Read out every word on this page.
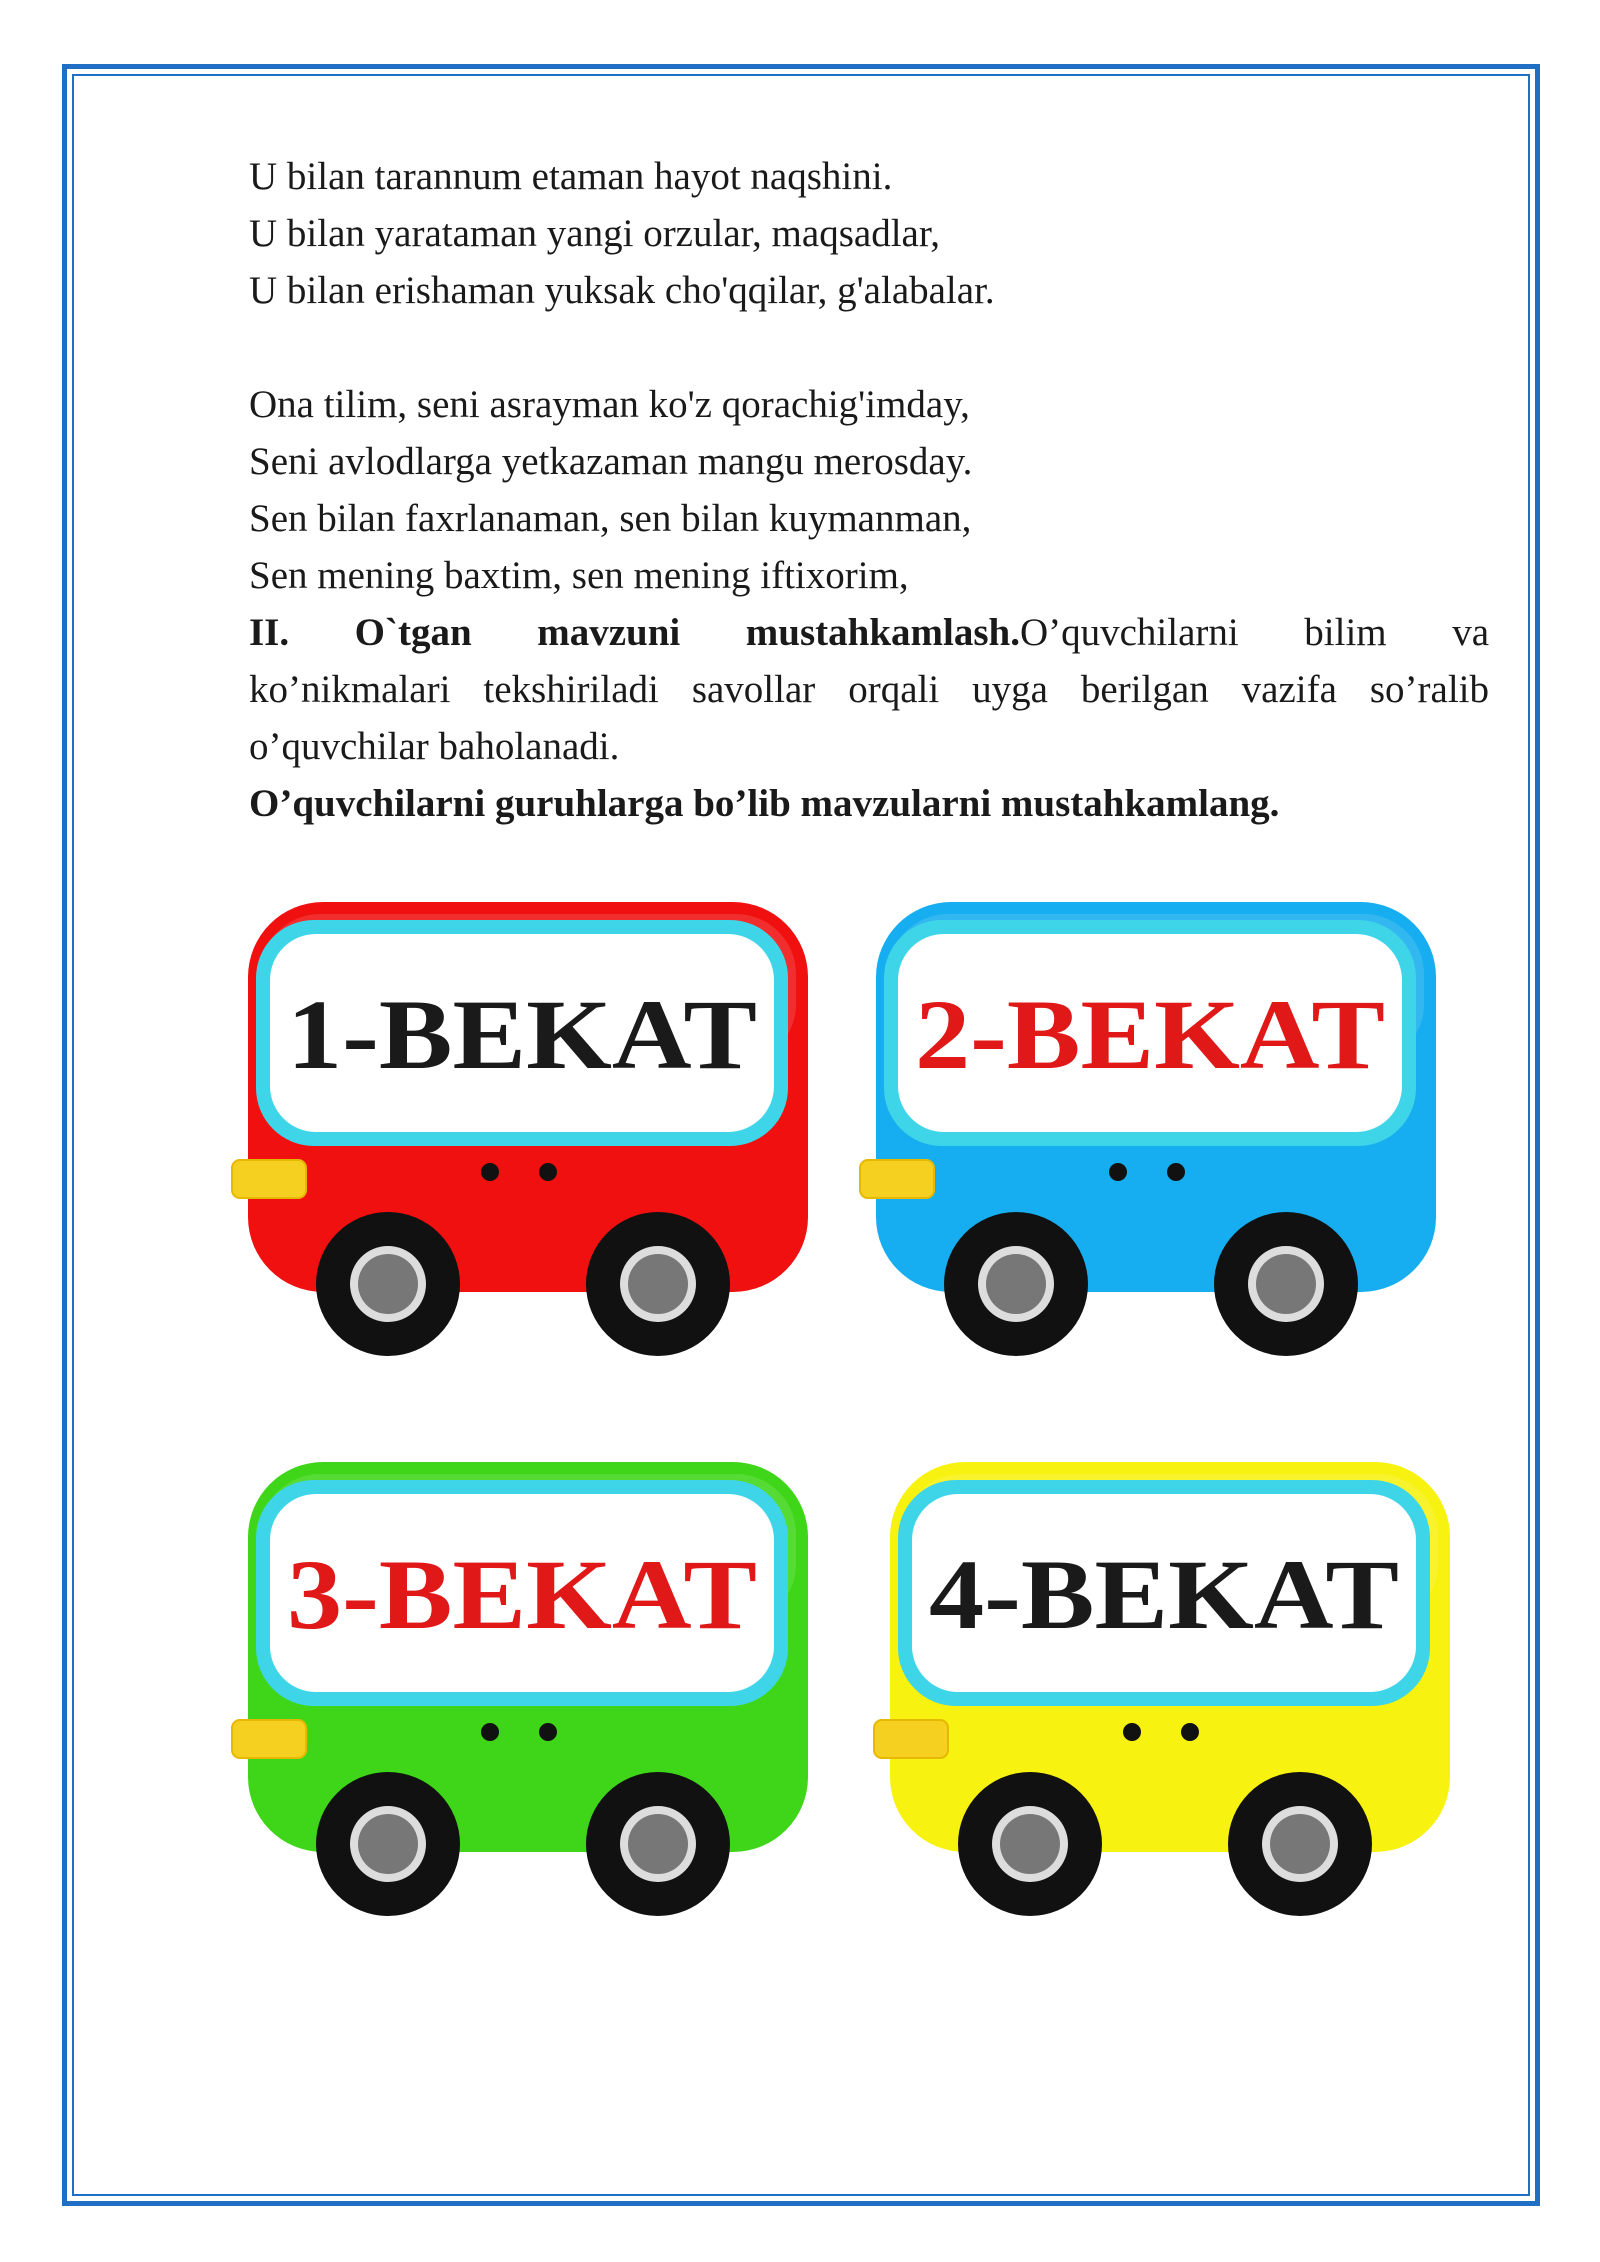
U bilan tarannum etaman hayot naqshini.
U bilan yarataman yangi orzular, maqsadlar,
U bilan erishaman yuksak cho'qqilar, g'alabalar.
Ona tilim, seni asrayman ko'z qorachig'imday,
Seni avlodlarga yetkazaman mangu merosday.
Sen bilan faxrlanaman, sen bilan kuymanman,
Sen mening baxtim, sen mening iftixorim,
II. O`tgan mavzuni mustahkamlash.O’quvchilarni bilim va
ko’nikmalari tekshiriladi savollar orqali uyga berilgan vazifa so’ralib
o’quvchilar baholanadi.
O’quvchilarni guruhlarga bo’lib mavzularni mustahkamlang.
1-BEKAT 2-BEKAT
3-BEKAT 4-BEKAT
